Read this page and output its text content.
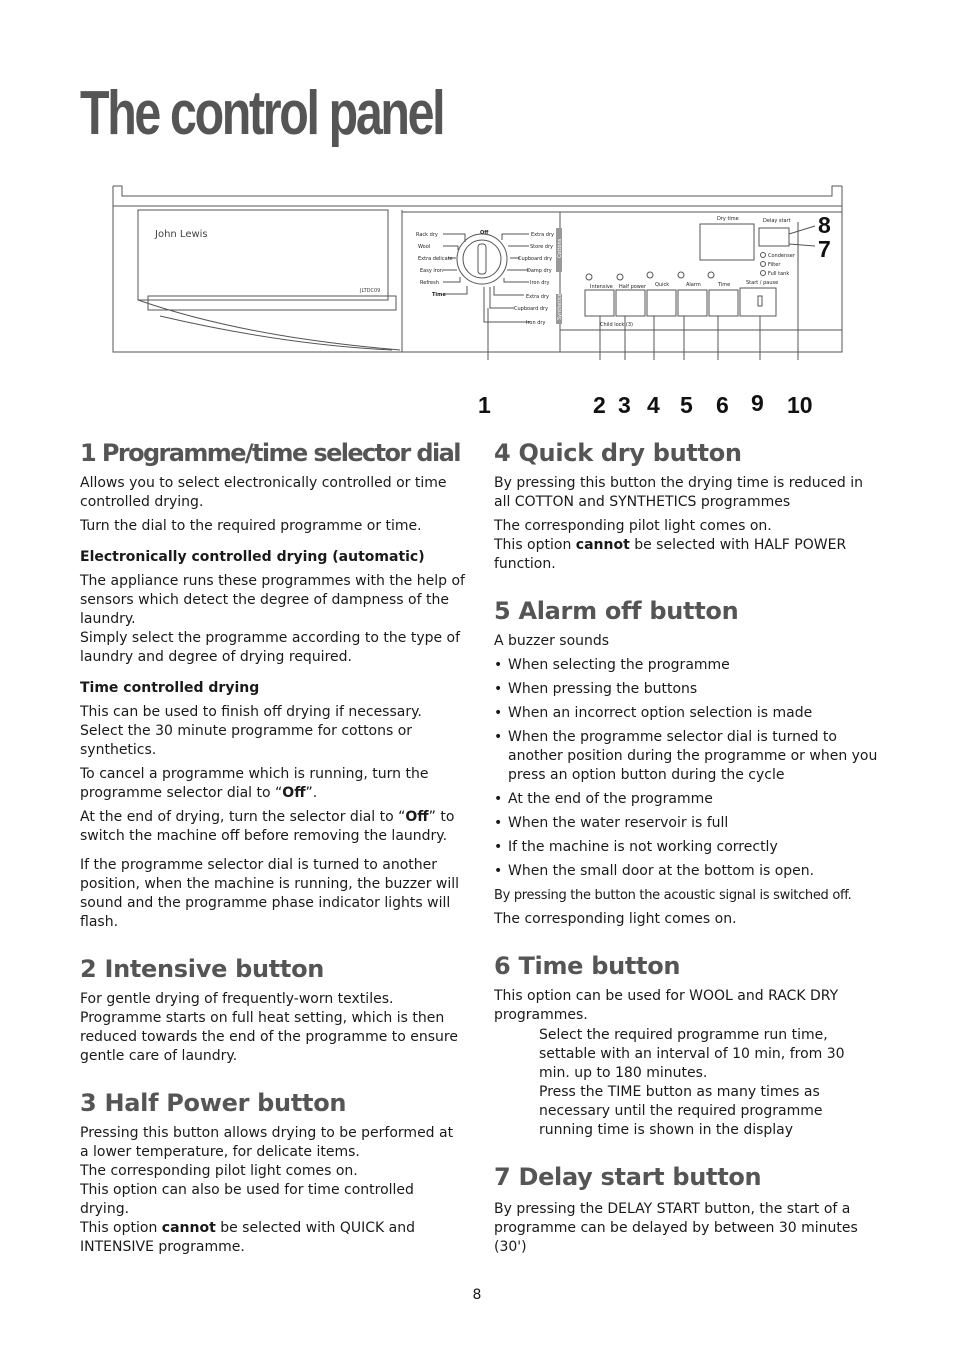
The control panel
Cottons
Synthetics
John Lewis
JLTDC09
Rack dry
Wool
Extra delicate
Easy iron
Refresh
Time
Off	Extra dry
Store dry
Cupboard dry
Damp dry
Iron dry
Extra dry
Cupboard dry
Iron dry
Dry time	Delay start
Condenser
Filter
Full tank
Intensive Half power Quick	Alarm	Time	Start / pause
Child lock (3)
1	2 3 4 5 6 9 10
8
7
1 Programme/time selector dial

Allows you to select electronically controlled or time controlled drying.

Turn the dial to the required programme or time.

Electronically controlled drying (automatic)

The appliance runs these programmes with the help of sensors which detect the degree of dampness of the laundry.
Simply select the programme according to the type of laundry and degree of drying required.

Time controlled drying

This can be used to finish off drying if necessary.
Select the 30 minute programme for cottons or synthetics.

To cancel a programme which is running, turn the programme selector dial to “Off”.

At the end of drying, turn the selector dial to “Off” to switch the machine off before removing the laundry.

If the programme selector dial is turned to another position, when the machine is running, the buzzer will sound and the programme phase indicator lights will flash.

2 Intensive button

For gentle drying of frequently-worn textiles. Programme starts on full heat setting, which is then reduced towards the end of the programme to ensure gentle care of laundry.

3 Half Power button

Pressing this button allows drying to be performed at a lower temperature, for delicate items.
The corresponding pilot light comes on.
This option can also be used for time controlled drying.
This option cannot be selected with QUICK and INTENSIVE programme.

4 Quick dry button

By pressing this button the drying time is reduced in all COTTON and SYNTHETICS programmes

The corresponding pilot light comes on.
This option cannot be selected with HALF POWER function.

5 Alarm off button

A buzzer sounds

• When selecting the programme
• When pressing the buttons
• When an incorrect option selection is made
• When the programme selector dial is turned to another position during the programme or when you press an option button during the cycle
• At the end of the programme
• When the water reservoir is full
• If the machine is not working correctly
• When the small door at the bottom is open.

By pressing the button the acoustic signal is switched off.

The corresponding light comes on.

6 Time button

This option can be used for WOOL and RACK DRY programmes.

Select the required programme run time, settable with an interval of 10 min, from 30 min. up to 180 minutes.
Press the TIME button as many times as necessary until the required programme running time is shown in the display

7 Delay start button

By pressing the DELAY START button, the start of a programme can be delayed by between 30 minutes (30')

8
